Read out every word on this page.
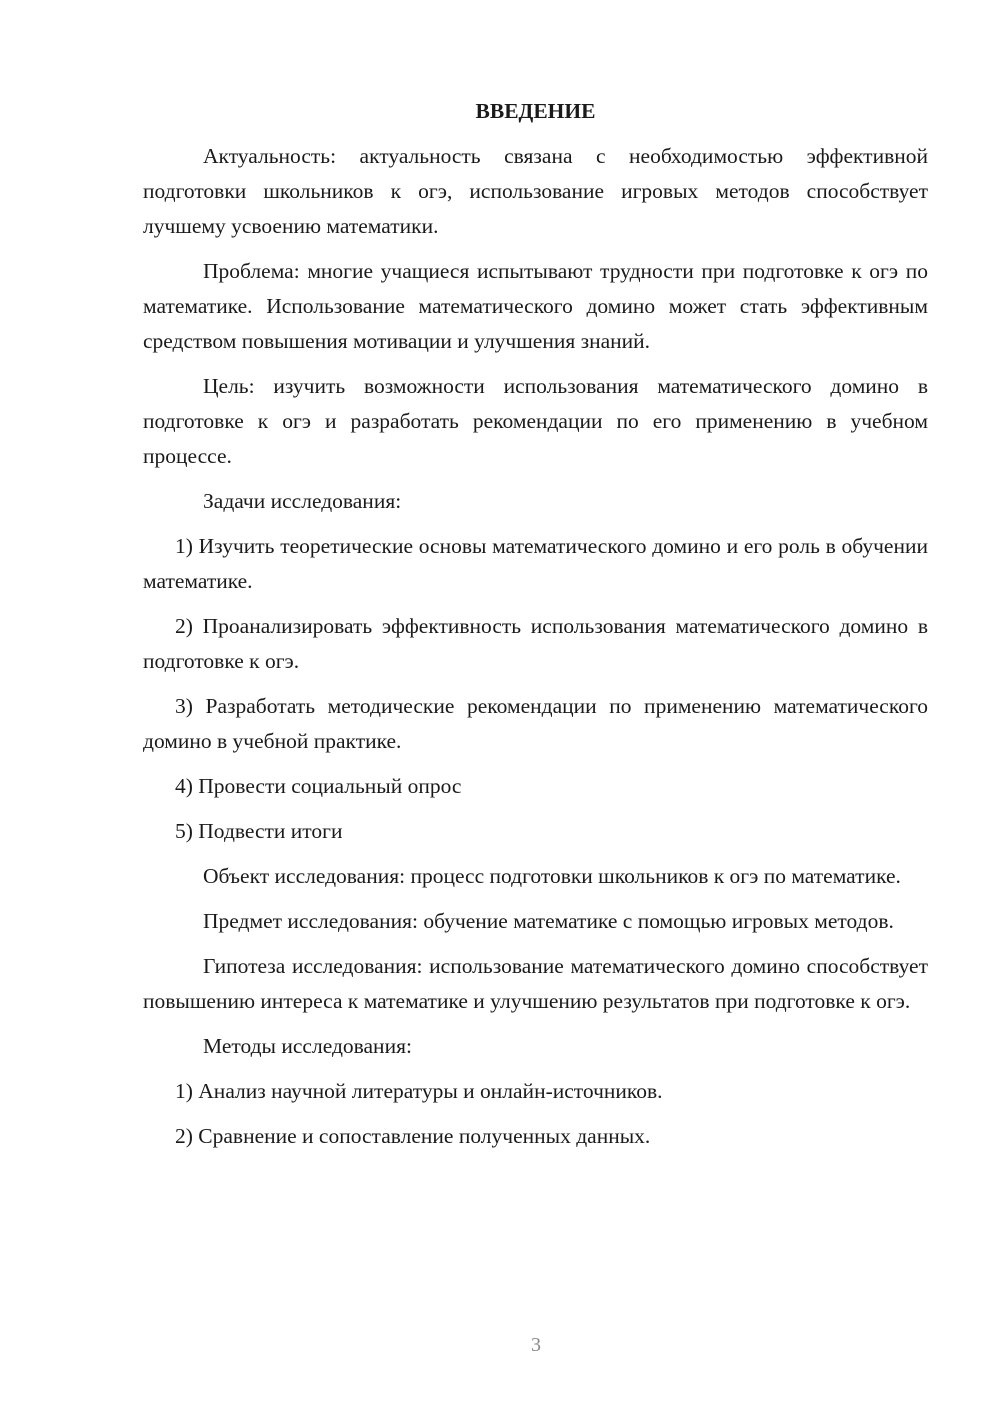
ВВЕДЕНИЕ

Актуальность: актуальность связана с необходимостью эффективной подготовки школьников к огэ, использование игровых методов способствует лучшему усвоению математики.

Проблема: многие учащиеся испытывают трудности при подготовке к огэ по математике. Использование математического домино может стать эффективным средством повышения мотивации и улучшения знаний.

Цель: изучить возможности использования математического домино в подготовке к огэ и разработать рекомендации по его применению в учебном процессе.

Задачи исследования:

1) Изучить теоретические основы математического домино и его роль в обучении математике.

2) Проанализировать эффективность использования математического домино в подготовке к огэ.

3) Разработать методические рекомендации по применению математического домино в учебной практике.

4) Провести социальный опрос

5) Подвести итоги

Объект исследования: процесс подготовки школьников к огэ по математике.

Предмет исследования: обучение математике с помощью игровых методов.

Гипотеза исследования: использование математического домино способствует повышению интереса к математике и улучшению результатов при подготовке к огэ.

Методы исследования:

1) Анализ научной литературы и онлайн-источников.

2) Сравнение и сопоставление полученных данных.

3
